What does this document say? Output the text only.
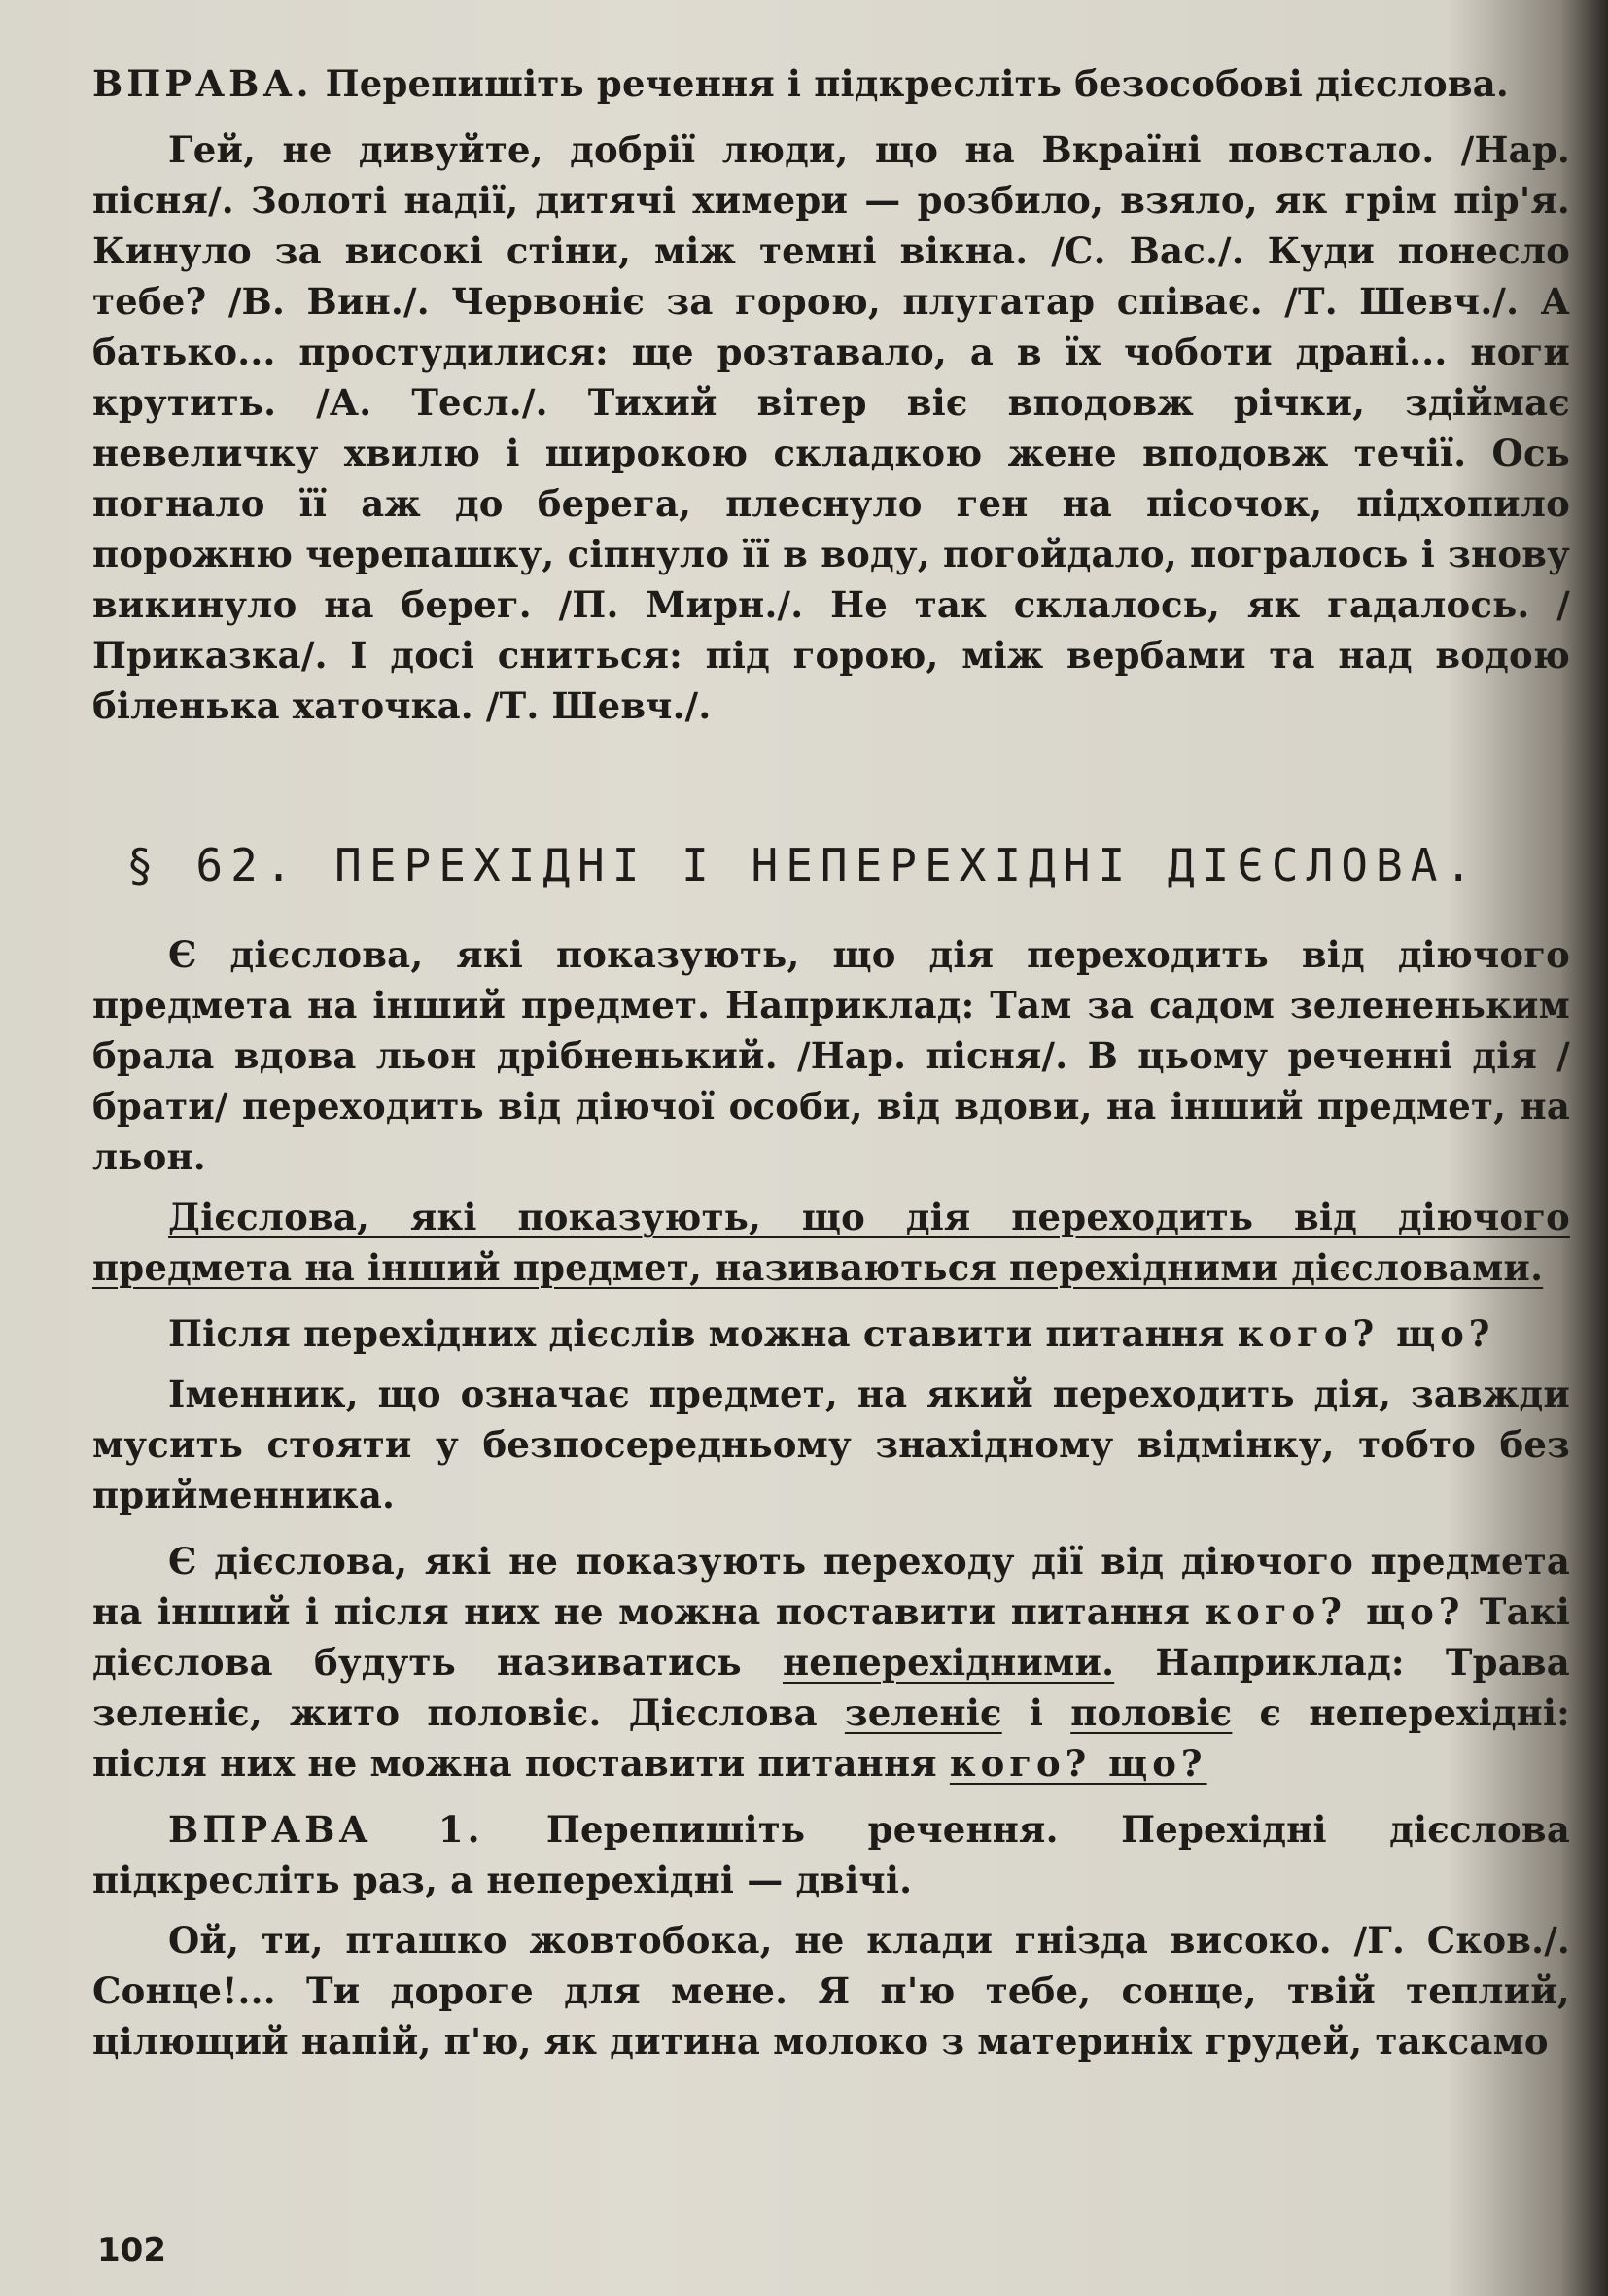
ВПРАВА. Перепишіть речення і підкресліть безособові дієслова.

Гей, не дивуйте, добрії люди, що на Вкраїні повстало. /Нар. пісня/. Золоті надії, дитячі химери — розбило, взяло, як грім пір'я. Кинуло за високі стіни, між темні вікна. /С. Вас./. Куди понесло тебе? /В. Вин./. Червоніє за горою, плугатар співає. /Т. Шевч./. А батько... простудилися: ще розтавало, а в їх чоботи драні... ноги крутить. /А. Тесл./. Тихий вітер віє вподовж річки, здіймає невеличку хвилю і широкою складкою жене вподовж течії. Ось погнало її аж до берега, плеснуло ген на пісочок, підхопило порожню черепашку, сіпнуло її в воду, погойдало, погралось і знову викинуло на берег. /П. Мирн./. Не так склалось, як гадалось. /Приказка/. І досі сниться: під горою, між вербами та над водою біленька хаточка. /Т. Шевч./.

§ 62. ПЕРЕХІДНІ І НЕПЕРЕХІДНІ ДІЄСЛОВА.

Є дієслова, які показують, що дія переходить від діючого предмета на інший предмет. Наприклад: Там за садом зелененьким брала вдова льон дрібненький. /Нар. пісня/. В цьому реченні дія /брати/ переходить від діючої особи, від вдови, на інший предмет, на льон.

Дієслова, які показують, що дія переходить від діючого предмета на інший предмет, називаються перехідними дієсловами.

Після перехідних дієслів можна ставити питання кого? що?

Іменник, що означає предмет, на який переходить дія, завжди мусить стояти у безпосередньому знахідному відмінку, тобто без прийменника.

Є дієслова, які не показують переходу дії від діючого предмета на інший і після них не можна поставити питання кого? що? Такі дієслова будуть називатись неперехідними. Наприклад: Трава зеленіє, жито половіє. Дієслова зеленіє і половіє є неперехідні: після них не можна поставити питання кого? що?

ВПРАВА 1. Перепишіть речення. Перехідні дієслова підкресліть раз, а неперехідні — двічі.

Ой, ти, пташко жовтобока, не клади гнізда високо. /Г. Сков./. Сонце!... Ти дороге для мене. Я п'ю тебе, сонце, твій теплий, цілющий напій, п'ю, як дитина молоко з материніх грудей, таксамо

102
